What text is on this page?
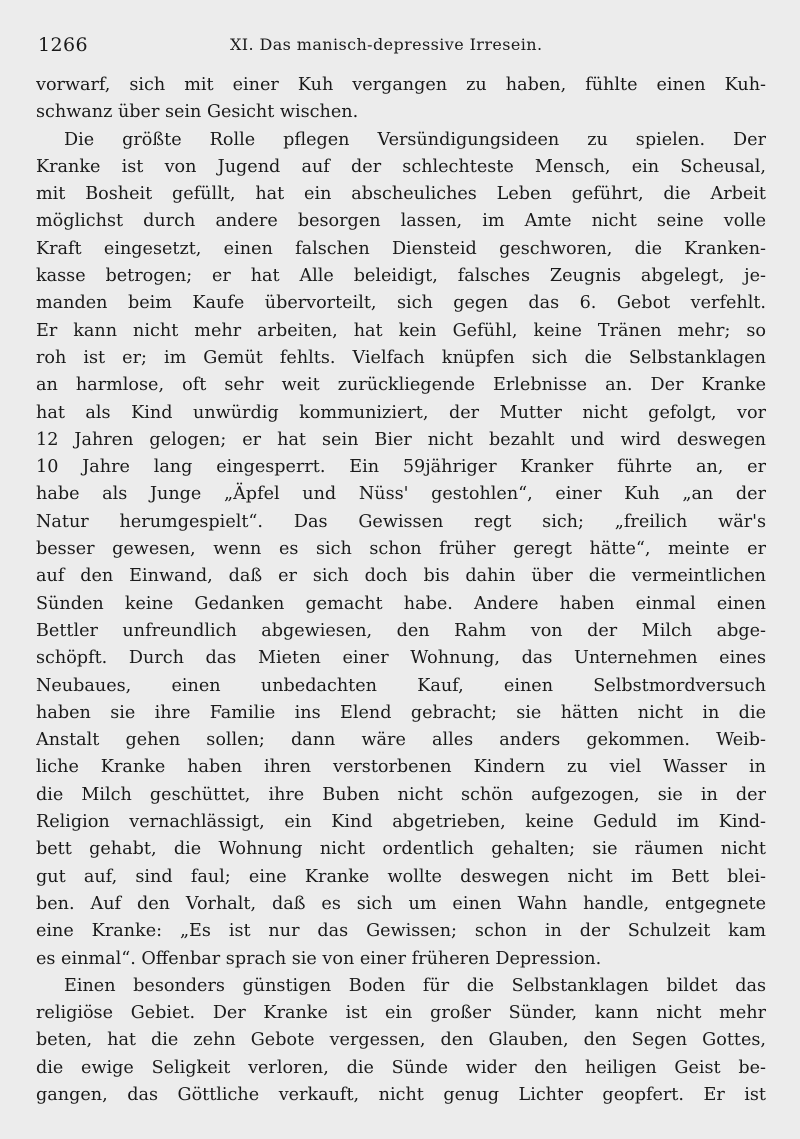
1266	XI. Das manisch-depressive Irresein.
vorwarf, sich mit einer Kuh vergangen zu haben, fühlte einen Kuh-
schwanz über sein Gesicht wischen.
Die größte Rolle pflegen Versündigungsideen zu spielen. Der
Kranke ist von Jugend auf der schlechteste Mensch, ein Scheusal,
mit Bosheit gefüllt, hat ein abscheuliches Leben geführt, die Arbeit
möglichst durch andere besorgen lassen, im Amte nicht seine volle
Kraft eingesetzt, einen falschen Diensteid geschworen, die Kranken-
kasse betrogen; er hat Alle beleidigt, falsches Zeugnis abgelegt, je-
manden beim Kaufe übervorteilt, sich gegen das 6. Gebot verfehlt.
Er kann nicht mehr arbeiten, hat kein Gefühl, keine Tränen mehr; so
roh ist er; im Gemüt fehlts. Vielfach knüpfen sich die Selbstanklagen
an harmlose, oft sehr weit zurückliegende Erlebnisse an. Der Kranke
hat als Kind unwürdig kommuniziert, der Mutter nicht gefolgt, vor
12 Jahren gelogen; er hat sein Bier nicht bezahlt und wird deswegen
10 Jahre lang eingesperrt. Ein 59jähriger Kranker führte an, er
habe als Junge „Äpfel und Nüss' gestohlen“, einer Kuh „an der
Natur herumgespielt“. Das Gewissen regt sich; „freilich wär's
besser gewesen, wenn es sich schon früher geregt hätte“, meinte er
auf den Einwand, daß er sich doch bis dahin über die vermeintlichen
Sünden keine Gedanken gemacht habe. Andere haben einmal einen
Bettler unfreundlich abgewiesen, den Rahm von der Milch abge-
schöpft. Durch das Mieten einer Wohnung, das Unternehmen eines
Neubaues, einen unbedachten Kauf, einen Selbstmordversuch
haben sie ihre Familie ins Elend gebracht; sie hätten nicht in die
Anstalt gehen sollen; dann wäre alles anders gekommen. Weib-
liche Kranke haben ihren verstorbenen Kindern zu viel Wasser in
die Milch geschüttet, ihre Buben nicht schön aufgezogen, sie in der
Religion vernachlässigt, ein Kind abgetrieben, keine Geduld im Kind-
bett gehabt, die Wohnung nicht ordentlich gehalten; sie räumen nicht
gut auf, sind faul; eine Kranke wollte deswegen nicht im Bett blei-
ben. Auf den Vorhalt, daß es sich um einen Wahn handle, entgegnete
eine Kranke: „Es ist nur das Gewissen; schon in der Schulzeit kam
es einmal“. Offenbar sprach sie von einer früheren Depression.
Einen besonders günstigen Boden für die Selbstanklagen bildet das
religiöse Gebiet. Der Kranke ist ein großer Sünder, kann nicht mehr
beten, hat die zehn Gebote vergessen, den Glauben, den Segen Gottes,
die ewige Seligkeit verloren, die Sünde wider den heiligen Geist be-
gangen, das Göttliche verkauft, nicht genug Lichter geopfert. Er ist
